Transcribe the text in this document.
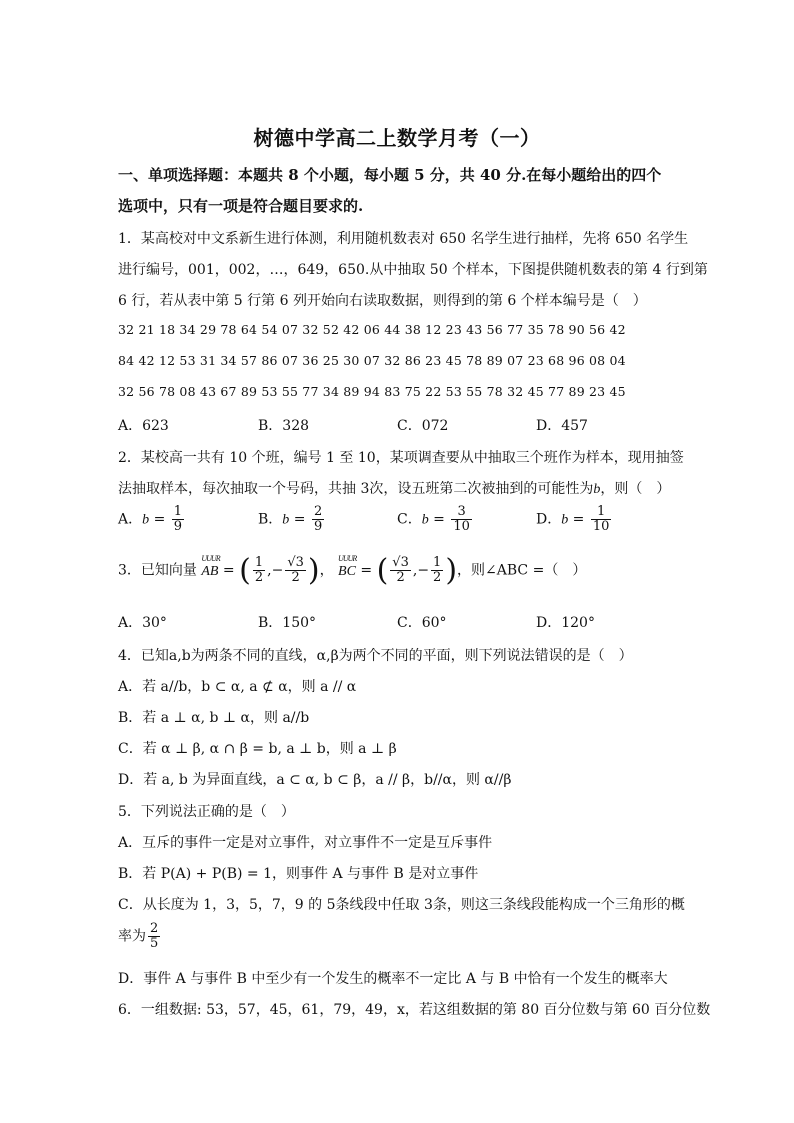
树德中学高二上数学月考（一）
一、单项选择题：本题共 8 个小题，每小题 5 分，共 40 分.在每小题给出的四个
选项中，只有一项是符合题目要求的.
1．某高校对中文系新生进行体测，利用随机数表对 650 名学生进行抽样，先将 650 名学生
进行编号，001，002，…，649，650.从中抽取 50 个样本，下图提供随机数表的第 4 行到第
6 行，若从表中第 5 行第 6 列开始向右读取数据，则得到的第 6 个样本编号是（　）
32 21 18 34 29 78 64 54 07 32 52 42 06 44 38 12 23 43 56 77 35 78 90 56 42
84 42 12 53 31 34 57 86 07 36 25 30 07 32 86 23 45 78 89 07 23 68 96 08 04
32 56 78 08 43 67 89 53 55 77 34 89 94 83 75 22 53 55 78 32 45 77 89 23 45
A．623	B．328	C．072	D．457
2．某校高一共有 10 个班，编号 1 至 10，某项调查要从中抽取三个班作为样本，现用抽签
法抽取样本，每次抽取一个号码，共抽 3次，设五班第二次被抽到的可能性为b，则（　）
A．$b = \frac{1}{9}$	B．$b = \frac{2}{9}$	C．$b = \frac{3}{10}$	D．$b = \frac{1}{10}$
3．已知向量
UUUR
AB = ( $\frac{1}{2}$ ,− $\frac{√3}{2}$ )，
UUUR
BC = ( $\frac{√3}{2}$ ,− $\frac{1}{2}$ )，则∠ABC =（　）
A．30°	B．150°	C．60°	D．120°
4．已知a,b为两条不同的直线，α,β为两个不同的平面，则下列说法错误的是（　）
A．若 a//b，b ⊂ α, a ⊄ α，则 a // α
B．若 a ⊥ α, b ⊥ α，则 a//b
C．若 α ⊥ β, α ∩ β = b, a ⊥ b，则 a ⊥ β
D．若 a, b 为异面直线，a ⊂ α, b ⊂ β，a // β，b//α，则 α//β
5．下列说法正确的是（　）
A．互斥的事件一定是对立事件，对立事件不一定是互斥事件
B．若 P(A) + P(B) = 1，则事件 A 与事件 B 是对立事件
C．从长度为 1，3，5，7，9 的 5条线段中任取 3条，则这三条线段能构成一个三角形的概
率为 $\frac{2}{5}$
D．事件 A 与事件 B 中至少有一个发生的概率不一定比 A 与 B 中恰有一个发生的概率大
6．一组数据: 53，57，45，61，79，49，x，若这组数据的第 80 百分位数与第 60 百分位数
